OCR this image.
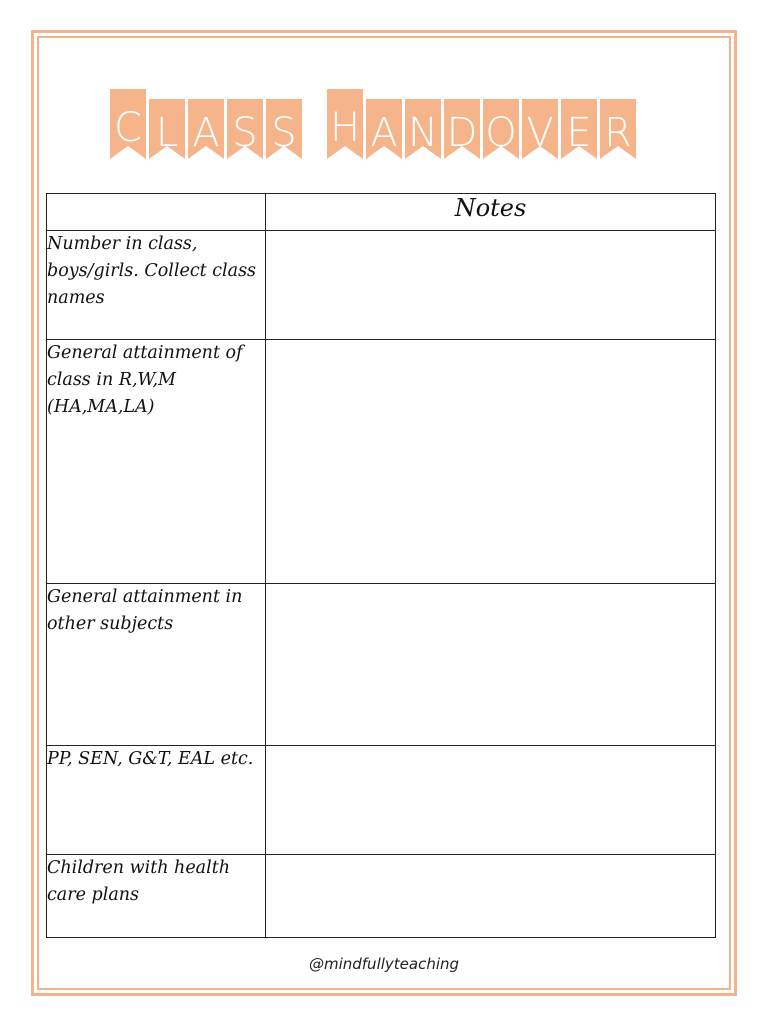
C L A S S H A N D O V E R
	Notes
Number in class, boys/girls. Collect class names	
General attainment of class in R,W,M (HA,MA,LA)	
General attainment in other subjects	
PP, SEN, G&T, EAL etc.	
Children with health care plans	
@mindfullyteaching
